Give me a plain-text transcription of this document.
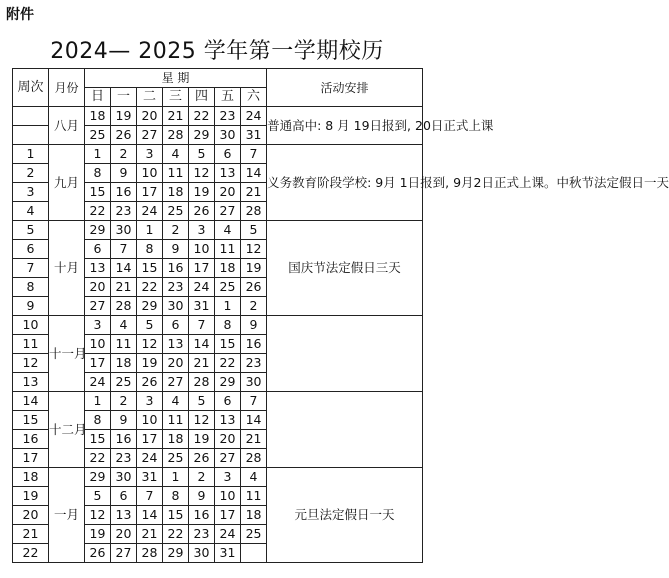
附件
2024— 2025 学年第一学期校历
周次	月份	星 期							活动安排
		日	一	二	三	四	五	六	
	八月	18	19	20	21	22	23	24	普通高中: 8 月 19日报到, 20日正式上课
		25	26	27	28	29	30	31	
1	九月	1	2	3	4	5	6	7	义务教育阶段学校: 9月 1日报到, 9月2日正式上课。中秋节法定假日一天
2		8	9	10	11	12	13	14	
3		15	16	17	18	19	20	21	
4		22	23	24	25	26	27	28	
5	十月	29	30	1	2	3	4	5	国庆节法定假日三天
6		6	7	8	9	10	11	12	
7		13	14	15	16	17	18	19	
8		20	21	22	23	24	25	26	
9		27	28	29	30	31	1	2	
10	十一月	3	4	5	6	7	8	9	
11		10	11	12	13	14	15	16	
12		17	18	19	20	21	22	23	
13		24	25	26	27	28	29	30	
14	十二月	1	2	3	4	5	6	7	
15		8	9	10	11	12	13	14	
16		15	16	17	18	19	20	21	
17		22	23	24	25	26	27	28	
18	一月	29	30	31	1	2	3	4	元旦法定假日一天
19		5	6	7	8	9	10	11	
20		12	13	14	15	16	17	18	
21		19	20	21	22	23	24	25	
22		26	27	28	29	30	31		
